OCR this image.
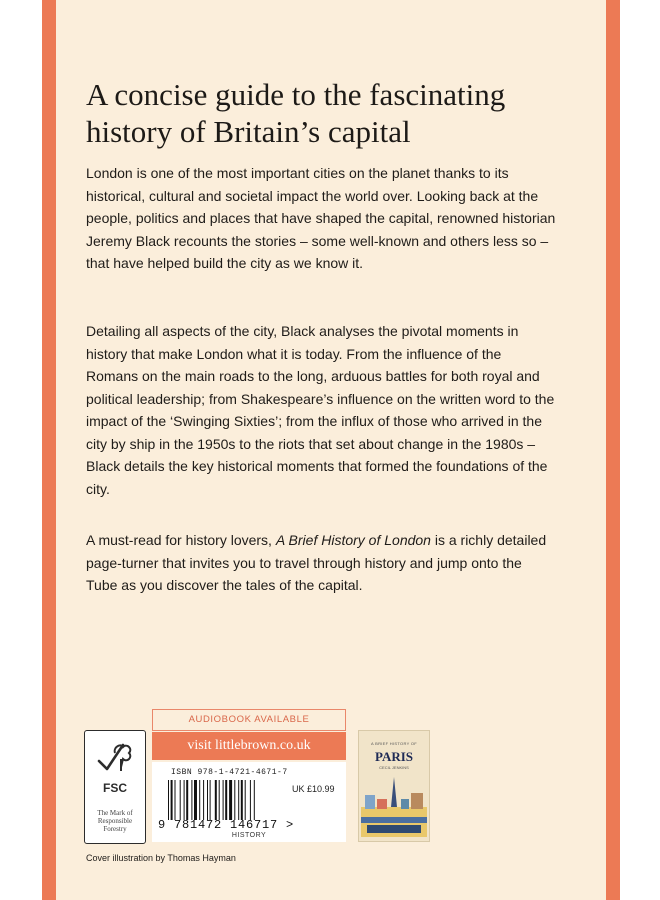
A concise guide to the fascinating history of Britain’s capital

London is one of the most important cities on the planet thanks to its historical, cultural and societal impact the world over. Looking back at the people, politics and places that have shaped the capital, renowned historian Jeremy Black recounts the stories – some well-known and others less so – that have helped build the city as we know it.

Detailing all aspects of the city, Black analyses the pivotal moments in history that make London what it is today. From the influence of the Romans on the main roads to the long, arduous battles for both royal and political leadership; from Shakespeare’s influence on the written word to the impact of the ‘Swinging Sixties’; from the influx of those who arrived in the city by ship in the 1950s to the riots that set about change in the 1980s – Black details the key historical moments that formed the foundations of the city.

A must-read for history lovers, A Brief History of London is a richly detailed page-turner that invites you to travel through history and jump onto the Tube as you discover the tales of the capital.

FSC
The Mark of Responsible Forestry
AUDIOBOOK AVAILABLE
visit littlebrown.co.uk
ISBN 978-1-4721-4671-7
UK £10.99
9 781472 146717 >
HISTORY
A BRIEF HISTORY OF
PARIS
CECIL JENKINS
Cover illustration by Thomas Hayman
